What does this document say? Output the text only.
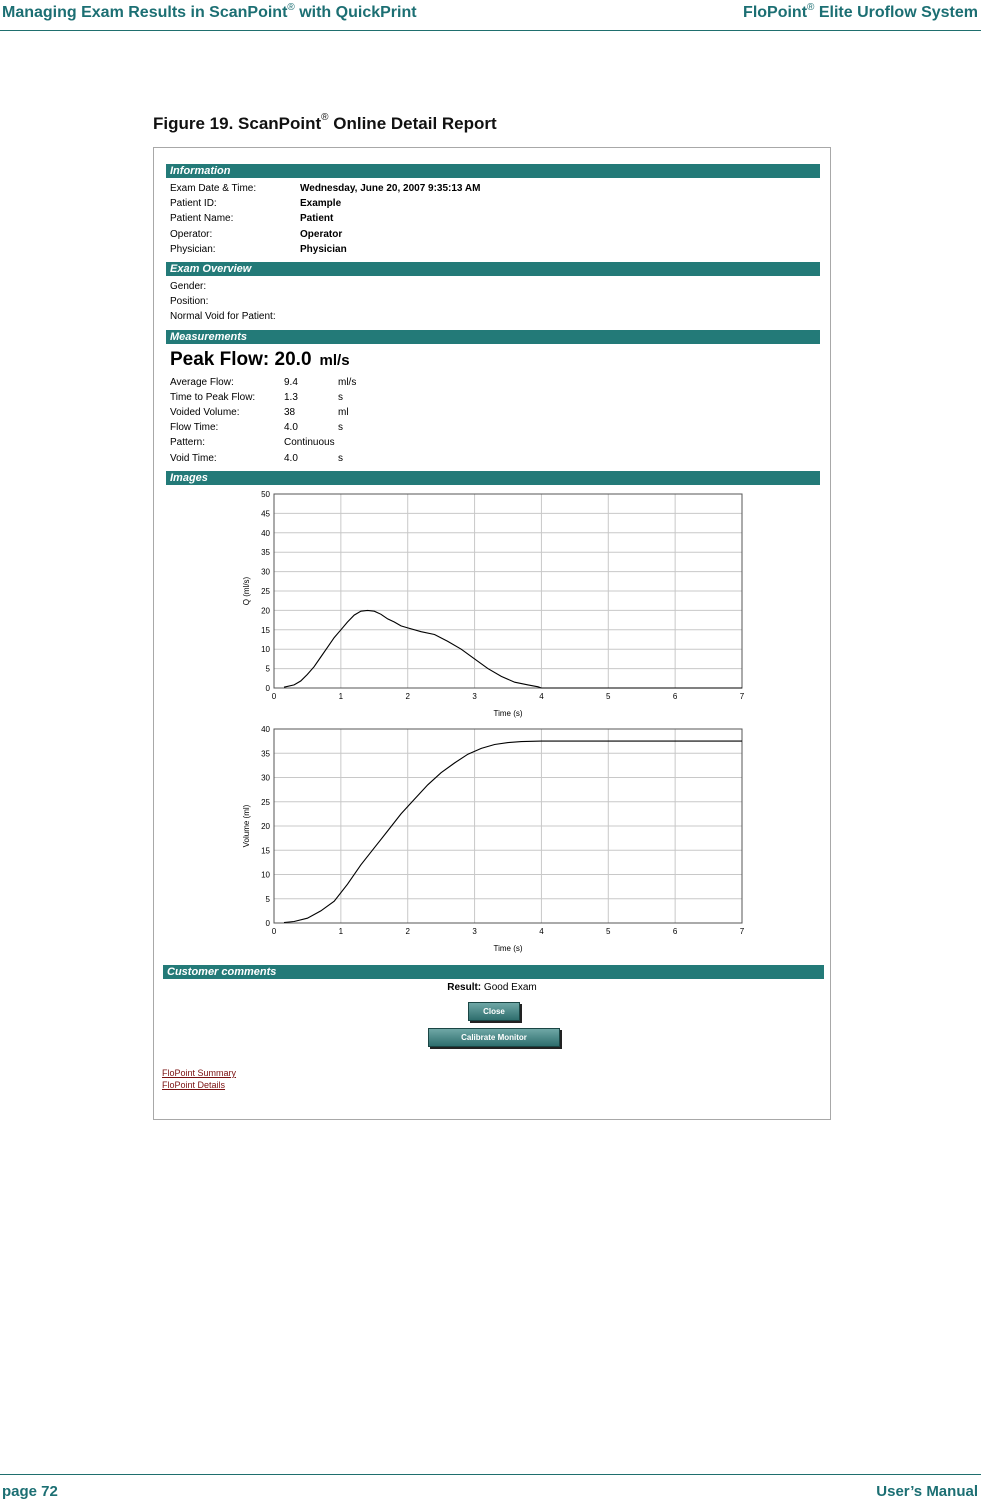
Managing Exam Results in ScanPoint® with QuickPrint	FloPoint® Elite Uroflow System
Figure 19. ScanPoint® Online Detail Report
Information
Exam Date & Time:	Wednesday, June 20, 2007 9:35:13 AM
Patient ID:	Example
Patient Name:	Patient
Operator:	Operator
Physician:	Physician
Exam Overview
Gender:
Position:
Normal Void for Patient:
Measurements
Peak Flow: 20.0 ml/s
Average Flow:	9.4	ml/s
Time to Peak Flow:	1.3	s
Voided Volume:	38	ml
Flow Time:	4.0	s
Pattern:	Continuous
Void Time:	4.0	s
Images
0	1	2	3	4	5	6	7
0
5
10
15
20
25
30
35
40
45
50
Time (s)
Q (ml/s)
0	1	2	3	4	5	6	7
0
5
10
15
20
25
30
35
40
Time (s)
Volume (ml)
Customer comments
Result: Good Exam
Close
Calibrate Monitor
FloPoint Summary
FloPoint Details
page 72	User’s Manual
